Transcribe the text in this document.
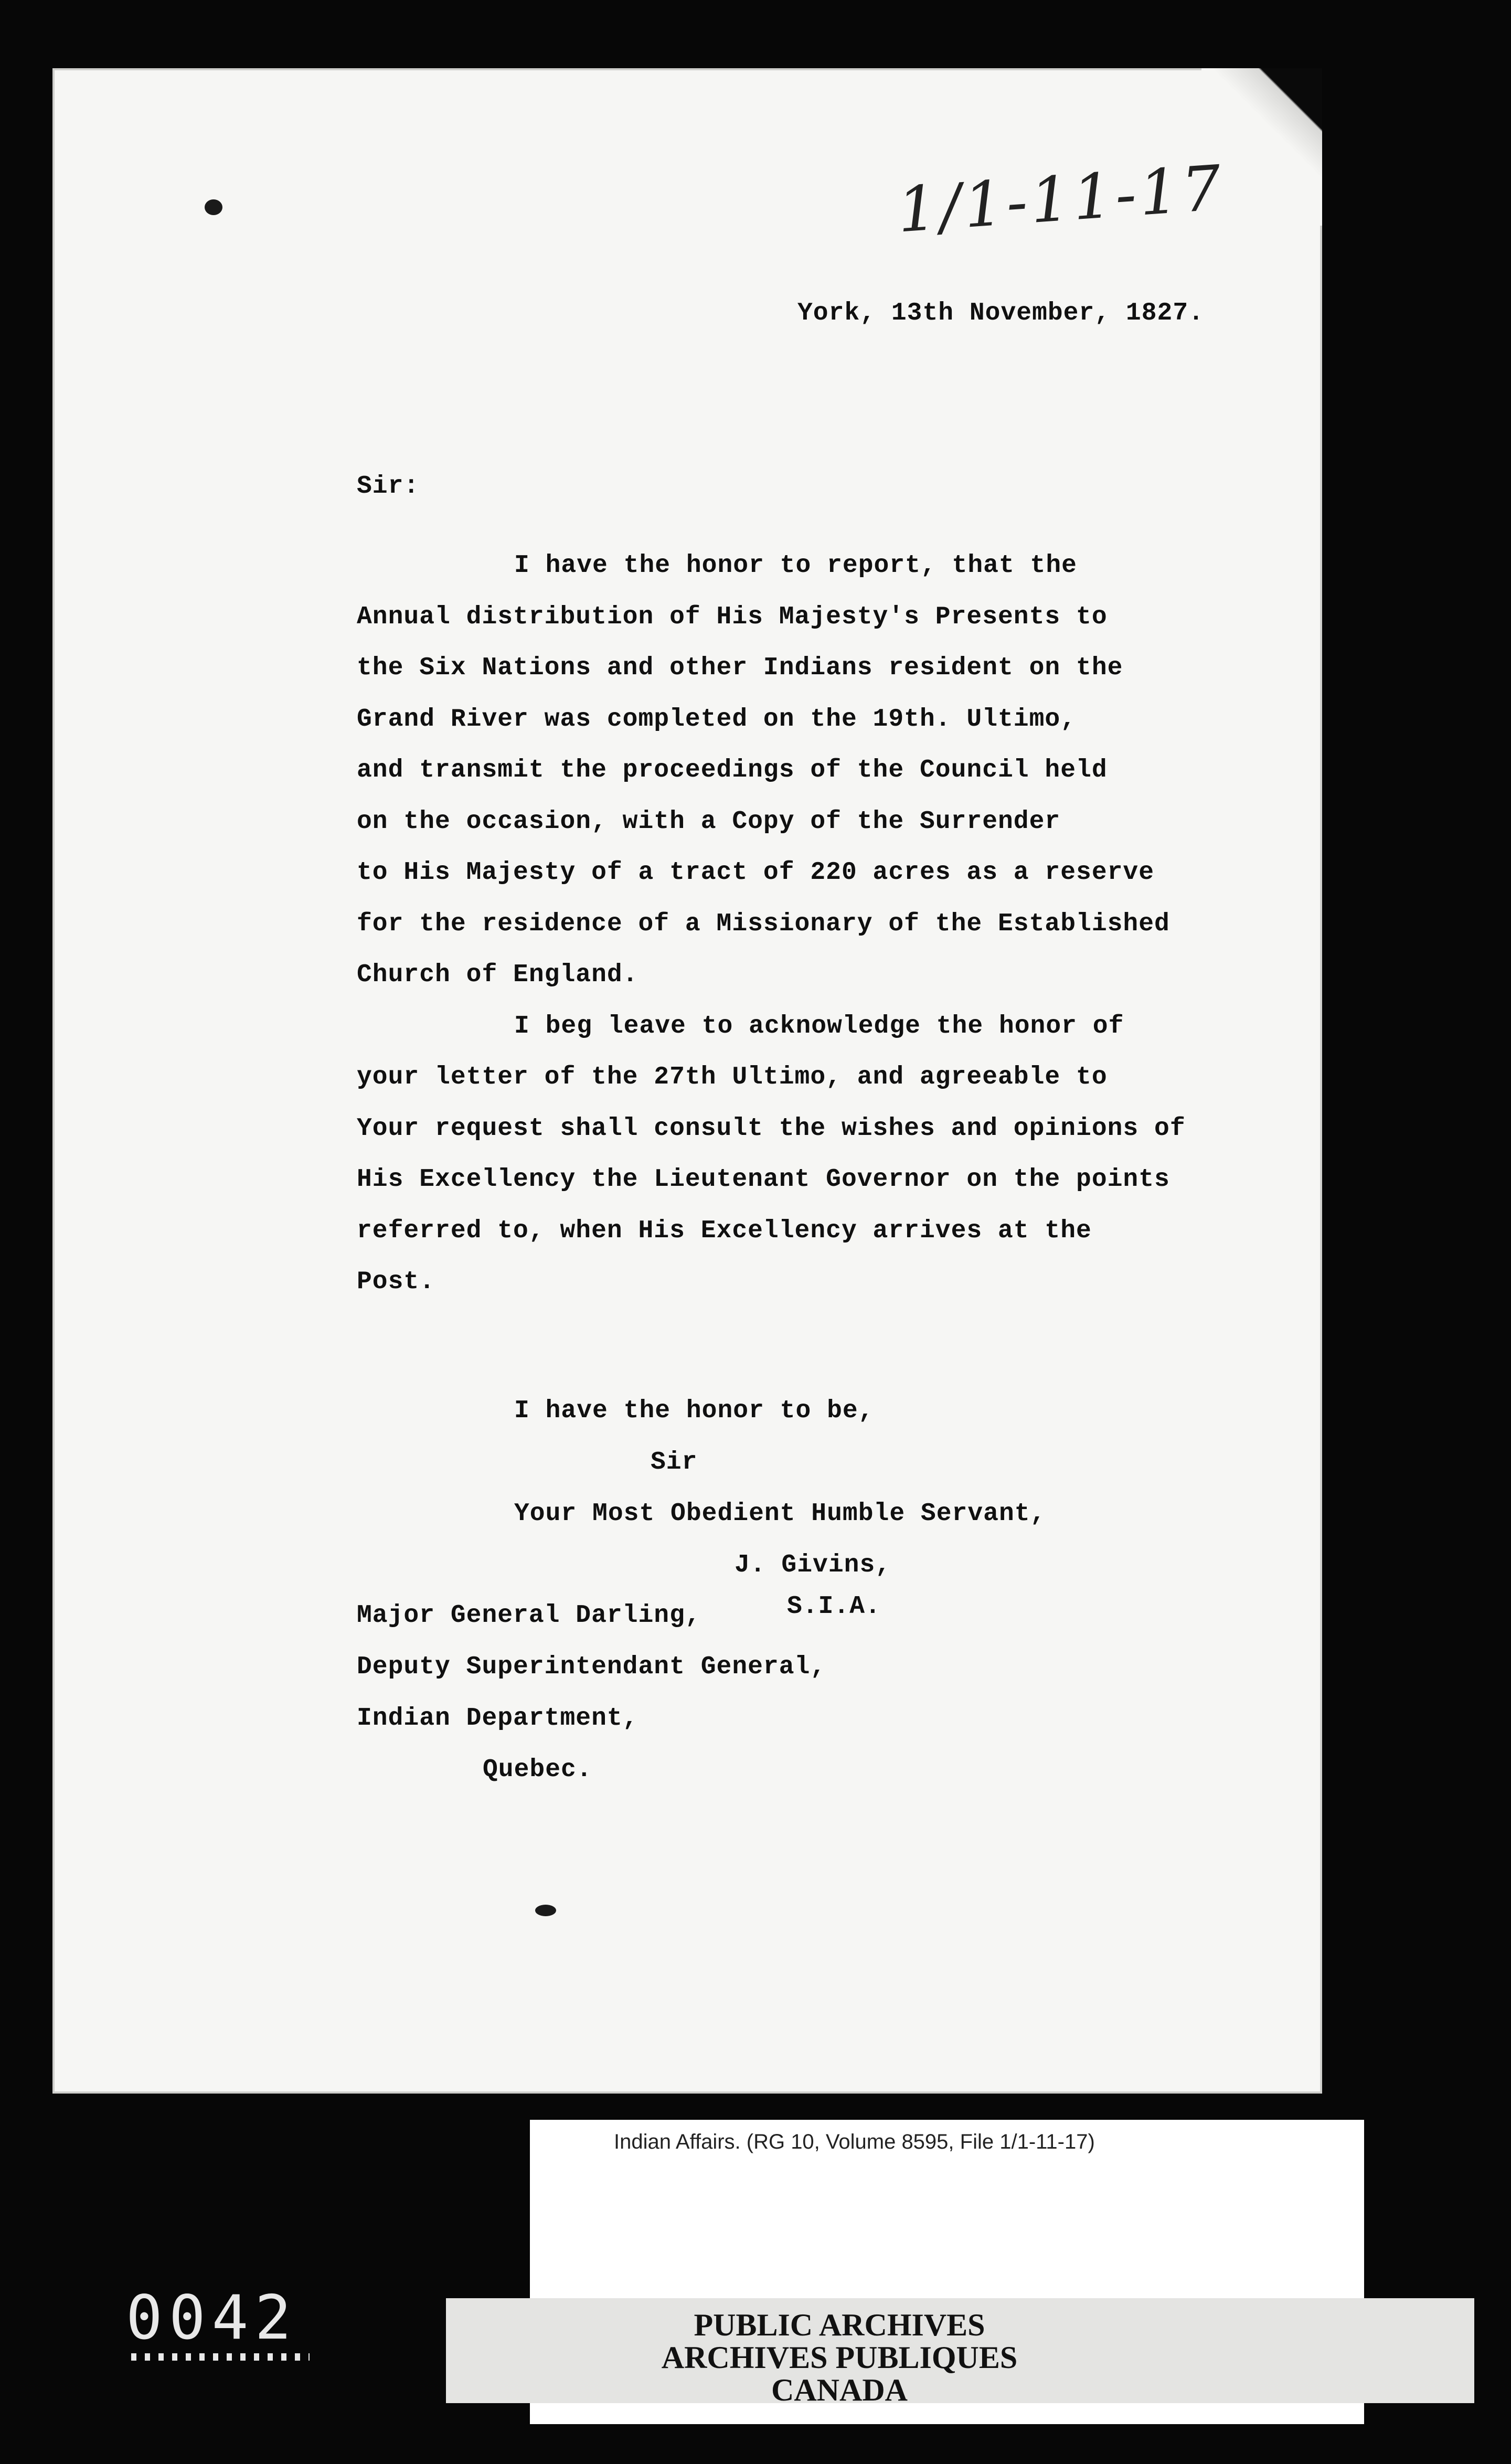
1/1-11-17
York, 13th November, 1827.
Sir:
I have the honor to report, that the
Annual distribution of His Majesty's Presents to
the Six Nations and other Indians resident on the
Grand River was completed on the 19th. Ultimo,
and transmit the proceedings of the Council held
on the occasion, with a Copy of the Surrender
to His Majesty of a tract of 220 acres as a reserve
for the residence of a Missionary of the Established
Church of England.
I beg leave to acknowledge the honor of
your letter of the 27th Ultimo, and agreeable to
Your request shall consult the wishes and opinions of
His Excellency the Lieutenant Governor on the points
referred to, when His Excellency arrives at the
Post.
I have the honor to be,
Sir
Your Most Obedient Humble Servant,
J. Givins,
S.I.A.
Major General Darling,
Deputy Superintendant General,
Indian Department,
Quebec.
0042
Indian Affairs. (RG 10, Volume 8595, File 1/1-11-17)
PUBLIC ARCHIVES
ARCHIVES PUBLIQUES
CANADA
